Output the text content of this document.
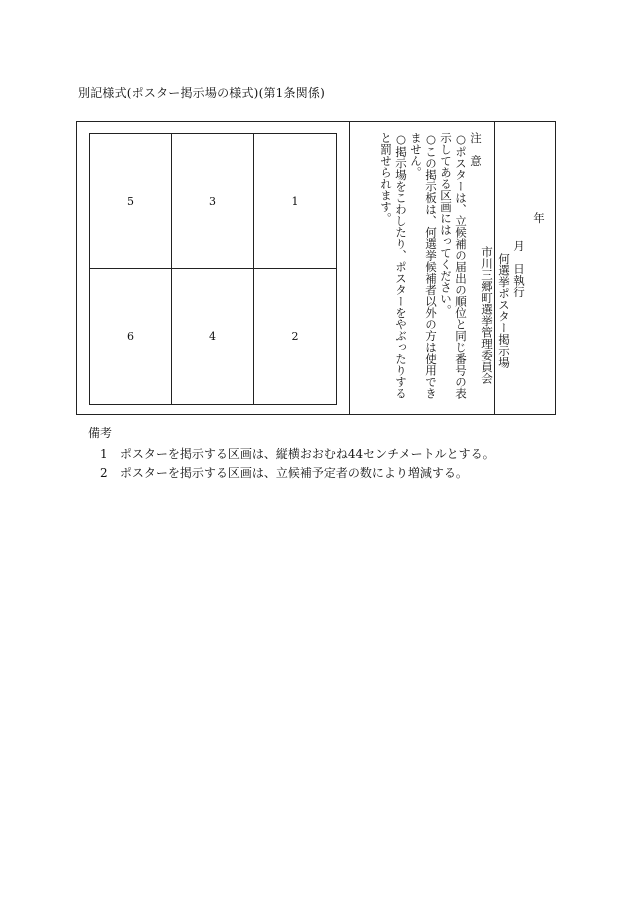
別記様式(ポスター掲示場の様式)(第1条関係)
5	3	1
6	4	2
注　意
○ポスターは、立候補の届出の順位と同じ番号の表示してある区画にはってください。
○この掲示板は、何選挙候補者以外の方は使用できません。
○掲示場をこわしたり、ポスターをやぶったりすると罰せられます。	年
月　日執行
何選挙ポスター掲示場
市川三郷町選挙管理委員会
備考
1 ポスターを掲示する区画は、縦横おおむね44センチメートルとする。
2 ポスターを掲示する区画は、立候補予定者の数により増減する。
